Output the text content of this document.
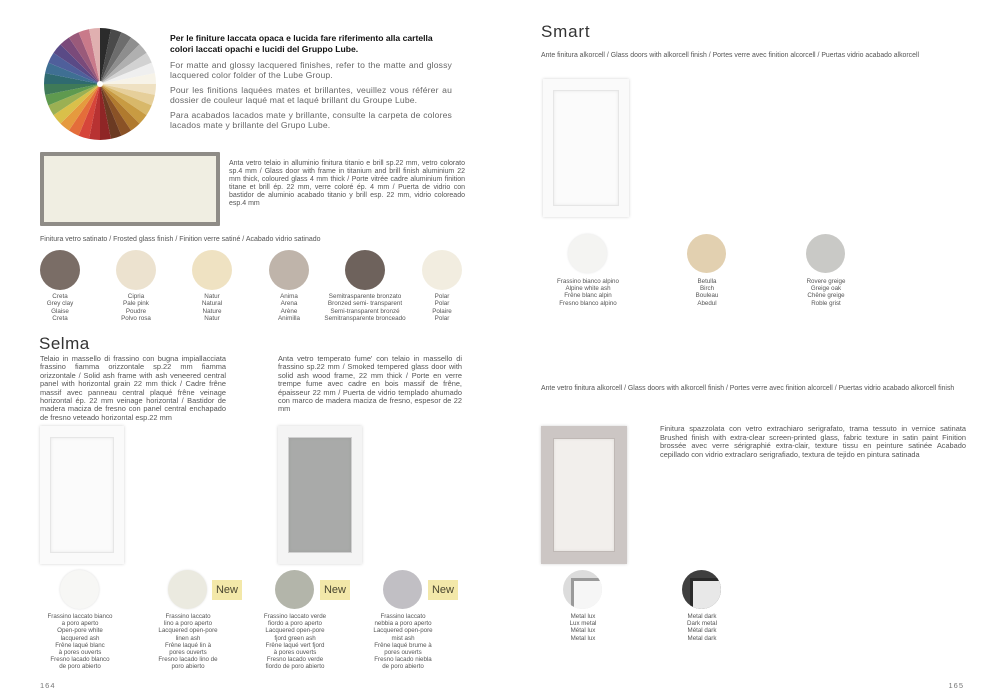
Per le finiture laccata opaca e lucida fare riferimento alla cartella colori laccati opachi e lucidi del Gruppo Lube.
For matte and glossy lacquered finishes, refer to the matte and glossy lacquered color folder of the Lube Group.
Pour les finitions laquées mates et brillantes, veuillez vous référer au dossier de couleur laqué mat et laqué brillant du Groupe Lube.
Para acabados lacados mate y brillante, consulte la carpeta de colores lacados mate y brillante del Grupo Lube.
Anta vetro telaio in alluminio finitura titanio e brill sp.22 mm, vetro colorato sp.4 mm / Glass door with frame in titanium and brill finish aluminium 22 mm thick, coloured glass 4 mm thick / Porte vitrée cadre aluminium finition titane et brill ép. 22 mm, verre coloré ép. 4 mm / Puerta de vidrio con bastidor de aluminio acabado titanio y brill esp. 22 mm, vidrio coloreado esp.4 mm
Finitura vetro satinato / Frosted glass finish / Finition verre satiné / Acabado vidrio satinado
Creta
Grey clay
Glaise
Creta
Cipria
Pale pink
Poudre
Polvo rosa
Natur
Natural
Nature
Natur
Anima
Arena
Arène
Animilla
Semitrasparente bronzato
Bronzed semi- transparent
Semi-transparent bronzé
Semitransparente bronceado
Polar
Polar
Polaire
Polar
Selma
Telaio in massello di frassino con bugna impiallacciata frassino fiamma orizzontale sp.22 mm fiamma orizzontale / Solid ash frame with ash veneered central panel with horizontal grain 22 mm thick / Cadre frêne massif avec panneau central plaqué frêne veinage horizontal ép. 22 mm veinage horizontal / Bastidor de madera maciza de fresno con panel central enchapado de fresno veteado horizontal esp.22 mm
Anta vetro temperato fume' con telaio in massello di frassino sp.22 mm / Smoked tempered glass door with solid ash wood frame, 22 mm thick / Porte en verre trempe fume avec cadre en bois massif de frêne, épaisseur 22 mm / Puerta de vidrio templado ahumado con marco de madera maciza de fresno, espesor de 22 mm
Frassino laccato bianco
a poro aperto
Open-pore white
lacquered ash
Frêne laqué blanc
à pores ouverts
Fresno lacado blanco
de poro abierto
New
Frassino laccato
lino a poro aperto
Lacquered open-pore
linen ash
Frêne laqué lin à
pores ouverts
Fresno lacado lino de
poro abierto
New
Frassino laccato verde
fiordo a poro aperto
Lacquered open-pore
fjord green ash
Frêne laqué vert fjord
à pores ouverts
Fresno lacado verde
fiordo de poro abierto
New
Frassino laccato
nebbia a poro aperto
Lacquered open-pore
mist ash
Frêne laqué brume à
pores ouverts
Fresno lacado niebla
de poro abierto
164
Smart
Ante finitura alkorcell / Glass doors with alkorcell finish / Portes verre avec finition alcorcell / Puertas vidrio acabado alkorcell
Frassino bianco alpino
Alpine white ash
Frêne blanc alpin
Fresno blanco alpino
Betulla
Birch
Bouleau
Abedul
Rovere greige
Greige oak
Chêne greige
Roble grist
Ante vetro finitura alkorcell / Glass doors with alkorcell finish / Portes verre avec finition alcorcell / Puertas vidrio acabado alkorcell finish
Finitura spazzolata con vetro extrachiaro serigrafato, trama tessuto in vernice satinata Brushed finish with extra-clear screen-printed glass, fabric texture in satin paint Finition brossée avec verre sérigraphié extra-clair, texture tissu en peinture satinée Acabado cepillado con vidrio extraclaro serigrafiado, textura de tejido en pintura satinada
Metal lux
Lux metal
Métal lux
Metal lux
Metal dark
Dark metal
Métal dark
Metal dark
165
